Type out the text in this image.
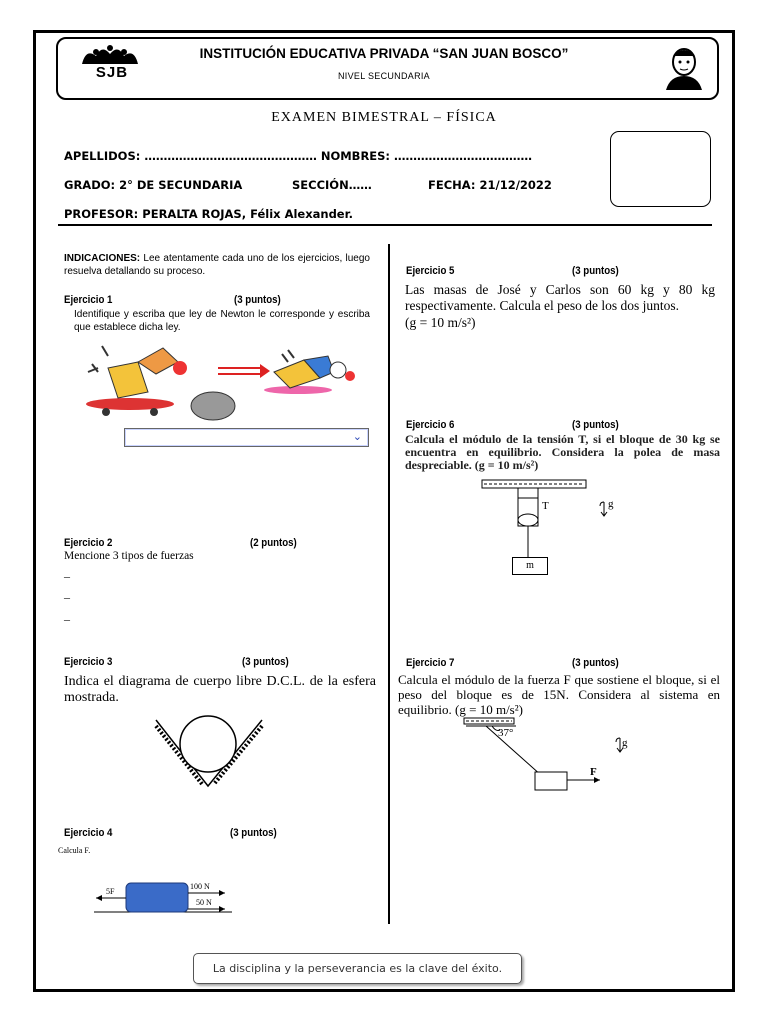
SJB
INSTITUCIÓN EDUCATIVA PRIVADA “SAN JUAN BOSCO”
NIVEL SECUNDARIA
EXAMEN BIMESTRAL – FÍSICA
APELLIDOS: ……………………………………… NOMBRES: ………………………………
GRADO: 2° DE SECUNDARIA	SECCIÓN……	FECHA: 21/12/2022
PROFESOR: PERALTA ROJAS, Félix Alexander.
INDICACIONES: Lee atentamente cada uno de los ejercicios, luego resuelva detallando su proceso.
Ejercicio 1	(3 puntos)
Identifique y escriba que ley de Newton le corresponde y escriba que establece dicha ley.
⌄
Ejercicio 2	(2 puntos)
Mencione 3 tipos de fuerzas
–
–
–
Ejercicio 3	(3 puntos)
Indica el diagrama de cuerpo libre D.C.L. de la esfera mostrada.
Ejercicio 4	(3 puntos)
Calcula F.
5F
100 N
50 N
Ejercicio 5	(3 puntos)
Las masas de José y Carlos son 60 kg y 80 kg respectivamente. Calcula el peso de los dos juntos.
(g = 10 m/s²)
Ejercicio 6	(3 puntos)
Calcula el módulo de la tensión T, si el bloque de 30 kg se encuentra en equilibrio. Considera la polea de masa despreciable. (g = 10 m/s²)
T
m
g
Ejercicio 7	(3 puntos)
Calcula el módulo de la fuerza F que sostiene el bloque, si el peso del bloque es de 15N. Considera al sistema en equilibrio. (g = 10 m/s²)
37°
F
g
La disciplina y la perseverancia es la clave del éxito.
